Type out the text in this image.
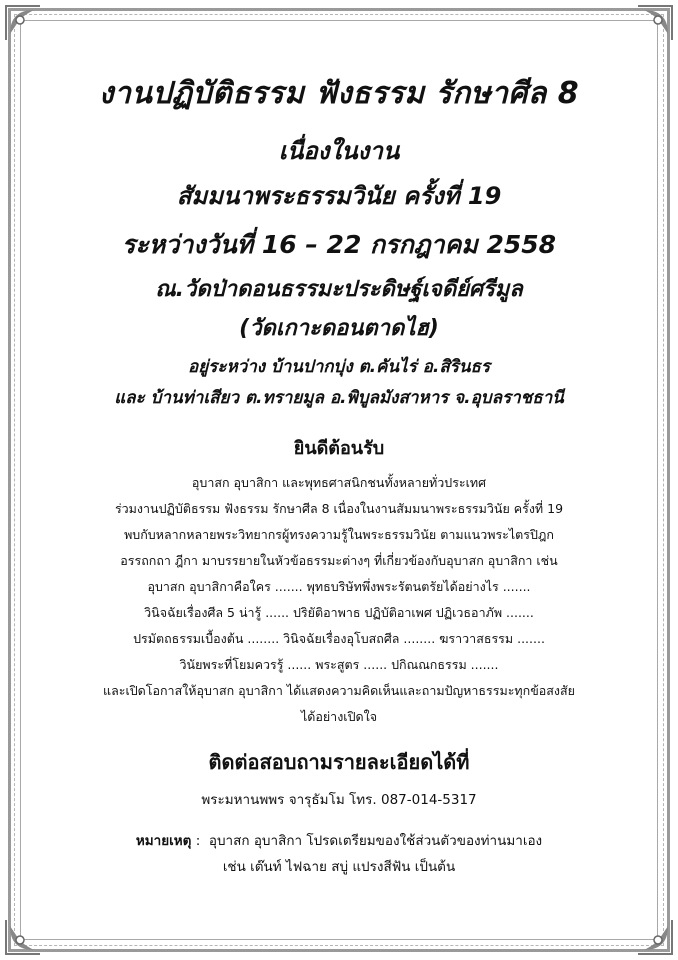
งานปฏิบัติธรรม ฟังธรรม รักษาศีล 8
เนื่องในงาน
สัมมนาพระธรรมวินัย ครั้งที่ 19
ระหว่างวันที่ 16 – 22 กรกฎาคม 2558
ณ.วัดป่าดอนธรรมะประดิษฐ์เจดีย์ศรีมูล
(วัดเกาะดอนตาดไฮ)
อยู่ระหว่าง บ้านปากบุ่ง ต.คันไร่ อ.สิรินธร
และ บ้านท่าเสียว ต.ทรายมูล อ.พิบูลมังสาหาร จ.อุบลราชธานี
ยินดีต้อนรับ

อุบาสก อุบาสิกา และพุทธศาสนิกชนทั้งหลายทั่วประเทศ

ร่วมงานปฏิบัติธรรม ฟังธรรม รักษาศีล 8 เนื่องในงานสัมมนาพระธรรมวินัย ครั้งที่ 19

พบกับหลากหลายพระวิทยากรผู้ทรงความรู้ในพระธรรมวินัย ตามแนวพระไตรปิฎก

อรรถกถา ฎีกา มาบรรยายในหัวข้อธรรมะต่างๆ ที่เกี่ยวข้องกับอุบาสก อุบาสิกา เช่น

อุบาสก อุบาสิกาคือใคร ....... พุทธบริษัทพึ่งพระรัตนตรัยได้อย่างไร .......

วินิจฉัยเรื่องศีล 5 น่ารู้ ...... ปริยัติอาพาธ ปฏิบัติอาเพศ ปฏิเวธอาภัพ .......

ปรมัตถธรรมเบื้องต้น ........ วินิจฉัยเรื่องอุโบสถศีล ........ ฆราวาสธรรม .......

วินัยพระที่โยมควรรู้ ...... พระสูตร ...... ปกิณณกธรรม .......

และเปิดโอกาสให้อุบาสก อุบาสิกา ได้แสดงความคิดเห็นและถามปัญหาธรรมะทุกข้อสงสัย

ได้อย่างเปิดใจ

ติดต่อสอบถามรายละเอียดได้ที่
พระมหานพพร จารุธัมโม โทร. 087-014-5317

หมายเหตุ :  อุบาสก อุบาสิกา โปรดเตรียมของใช้ส่วนตัวของท่านมาเอง

เช่น เต๊นท์ ไฟฉาย สบู่ แปรงสีฟัน เป็นต้น
